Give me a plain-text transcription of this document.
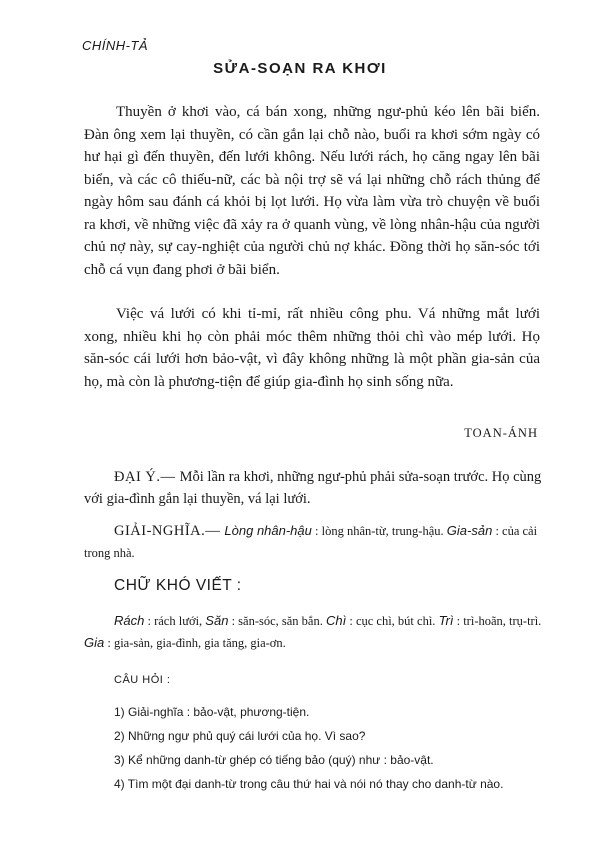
CHÍNH-TẢ
SỬA-SOẠN RA KHƠI

Thuyền ở khơi vào, cá bán xong, những ngư-phủ kéo lên bãi biển. Đàn ông xem lại thuyền, có cần gắn lại chỗ nào, buổi ra khơi sớm ngày có hư hại gì đến thuyền, đến lưới không. Nếu lưới rách, họ căng ngay lên bãi biển, và các cô thiếu-nữ, các bà nội trợ sẽ vá lại những chỗ rách thủng để ngày hôm sau đánh cá khỏi bị lọt lưới. Họ vừa làm vừa trò chuyện về buổi ra khơi, về những việc đã xảy ra ở quanh vùng, về lòng nhân-hậu của người chủ nợ này, sự cay-nghiệt của người chủ nợ khác. Đồng thời họ săn-sóc tới chỗ cá vụn đang phơi ở bãi biển.

Việc vá lưới có khi tỉ-mỉ, rất nhiều công phu. Vá những mắt lưới xong, nhiều khi họ còn phải móc thêm những thỏi chì vào mép lưới. Họ săn-sóc cái lưới hơn bảo-vật, vì đây không những là một phần gia-sản của họ, mà còn là phương-tiện để giúp gia-đình họ sinh sống nữa.

TOAN-ÁNH
ĐẠI Ý.— Mỗi lần ra khơi, những ngư-phủ phải sửa-soạn trước. Họ cùng với gia-đình gắn lại thuyền, vá lại lưới.
GIẢI-NGHĨA.— Lòng nhân-hậu : lòng nhân-từ, trung-hậu. Gia-sản : của cải trong nhà.
CHỮ KHÓ VIẾT :
Rách : rách lưới, Săn : săn-sóc, săn bắn. Chì : cục chì, bút chì. Trì : trì-hoãn, trụ-trì. Gia : gia-sản, gia-đình, gia tăng, gia-ơn.
CÂU HỎI :
1) Giải-nghĩa : bảo-vật, phương-tiện.
2) Những ngư phủ quý cái lưới của họ. Vì sao?
3) Kể những danh-từ ghép có tiếng bảo (quý) như : bảo-vật.
4) Tìm một đại danh-từ trong câu thứ hai và nói nó thay cho danh-từ nào.
